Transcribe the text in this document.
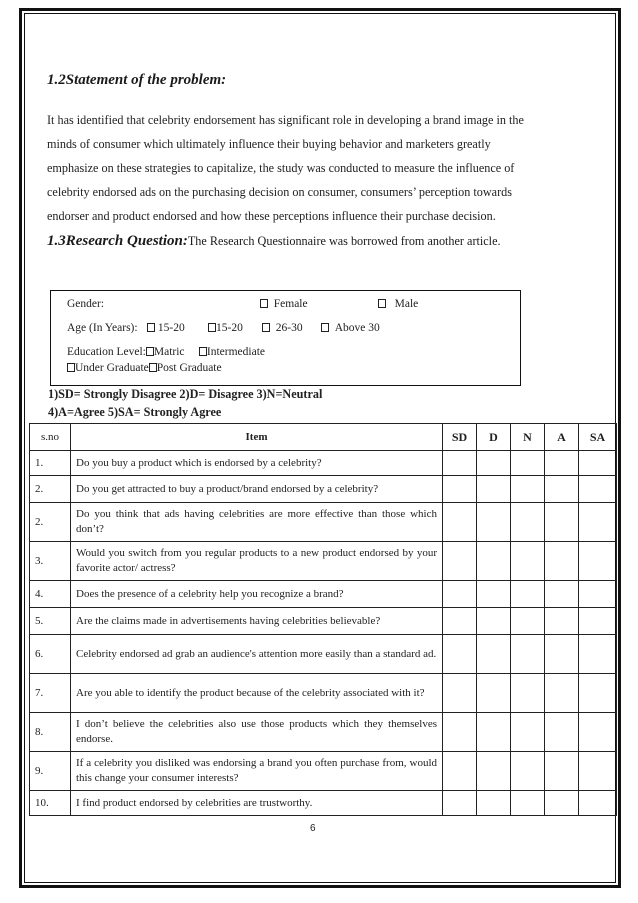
1.2Statement of the problem:
It has identified that celebrity endorsement has significant role in developing a brand image in the
minds of consumer which ultimately influence their buying behavior and marketers greatly
emphasize on these strategies to capitalize, the study was conducted to measure the influence of
celebrity endorsed ads on the purchasing decision on consumer, consumers’ perception towards
endorser and product endorsed and how these perceptions influence their purchase decision.
1.3Research Question:The Research Questionnaire was borrowed from another article.
Gender:	Female	Male
Age (In Years):	15-20	15-20	26-30	Above 30
Education Level: Matric Intermediate
Under Graduate Post Graduate
1)SD= Strongly Disagree 2)D= Disagree 3)N=Neutral
4)A=Agree 5)SA= Strongly Agree
s.no	Item	SD	D	N	A	SA
1.	Do you buy a product which is endorsed by a celebrity?					
2.	Do you get attracted to buy a product/brand endorsed by a celebrity?					
2.	Do you think that ads having celebrities are more effective than those which don’t?					
3.	Would you switch from you regular products to a new product endorsed by your favorite actor/ actress?					
4.	Does the presence of a celebrity help you recognize a brand?					
5.	Are the claims made in advertisements having celebrities believable?					
6.	Celebrity endorsed ad grab an audience's attention more easily than a standard ad.					
7.	Are you able to identify the product because of the celebrity associated with it?					
8.	I don’t believe the celebrities also use those products which they themselves endorse.					
9.	If a celebrity you disliked was endorsing a brand you often purchase from, would this change your consumer interests?					
10.	I find product endorsed by celebrities are trustworthy.					
6
